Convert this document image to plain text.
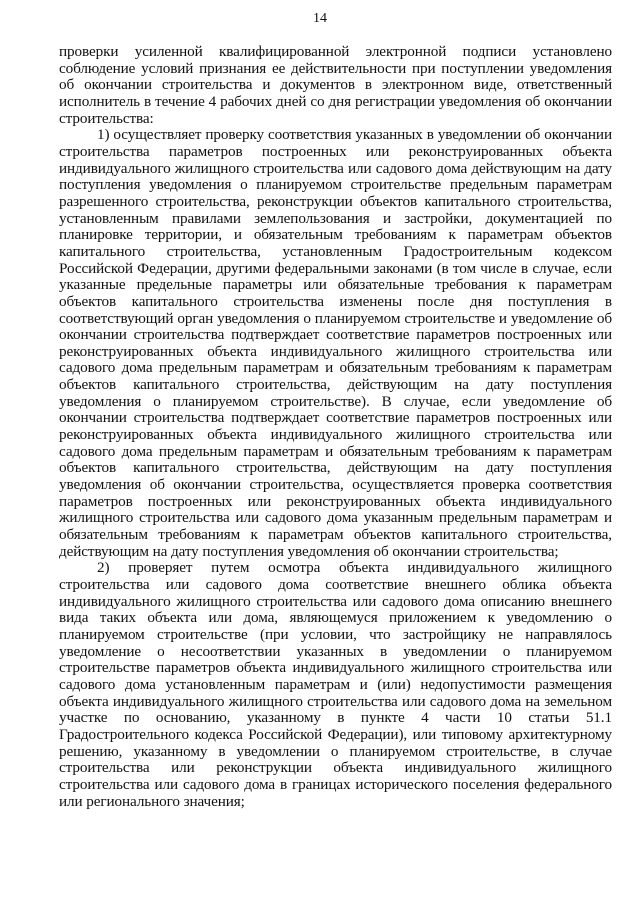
14

проверки усиленной квалифицированной электронной подписи установлено соблюдение условий признания ее действительности при поступлении уведомления об окончании строительства и документов в электронном виде, ответственный исполнитель в течение 4 рабочих дней со дня регистрации уведомления об окончании строительства:

1) осуществляет проверку соответствия указанных в уведомлении об окончании строительства параметров построенных или реконструированных объекта индивидуального жилищного строительства или садового дома действующим на дату поступления уведомления о планируемом строительстве предельным параметрам разрешенного строительства, реконструкции объектов капитального строительства, установленным правилами землепользования и застройки, документацией по планировке территории, и обязательным требованиям к параметрам объектов капитального строительства, установленным Градостроительным кодексом Российской Федерации, другими федеральными законами (в том числе в случае, если указанные предельные параметры или обязательные требования к параметрам объектов капитального строительства изменены после дня поступления в соответствующий орган уведомления о планируемом строительстве и уведомление об окончании строительства подтверждает соответствие параметров построенных или реконструированных объекта индивидуального жилищного строительства или садового дома предельным параметрам и обязательным требованиям к параметрам объектов капитального строительства, действующим на дату поступления уведомления о планируемом строительстве). В случае, если уведомление об окончании строительства подтверждает соответствие параметров построенных или реконструированных объекта индивидуального жилищного строительства или садового дома предельным параметрам и обязательным требованиям к параметрам объектов капитального строительства, действующим на дату поступления уведомления об окончании строительства, осуществляется проверка соответствия параметров построенных или реконструированных объекта индивидуального жилищного строительства или садового дома указанным предельным параметрам и обязательным требованиям к параметрам объектов капитального строительства, действующим на дату поступления уведомления об окончании строительства;

2) проверяет путем осмотра объекта индивидуального жилищного строительства или садового дома соответствие внешнего облика объекта индивидуального жилищного строительства или садового дома описанию внешнего вида таких объекта или дома, являющемуся приложением к уведомлению о планируемом строительстве (при условии, что застройщику не направлялось уведомление о несоответствии указанных в уведомлении о планируемом строительстве параметров объекта индивидуального жилищного строительства или садового дома установленным параметрам и (или) недопустимости размещения объекта индивидуального жилищного строительства или садового дома на земельном участке по основанию, указанному в пункте 4 части 10 статьи 51.1 Градостроительного кодекса Российской Федерации), или типовому архитектурному решению, указанному в уведомлении о планируемом строительстве, в случае строительства или реконструкции объекта индивидуального жилищного строительства или садового дома в границах исторического поселения федерального или регионального значения;
